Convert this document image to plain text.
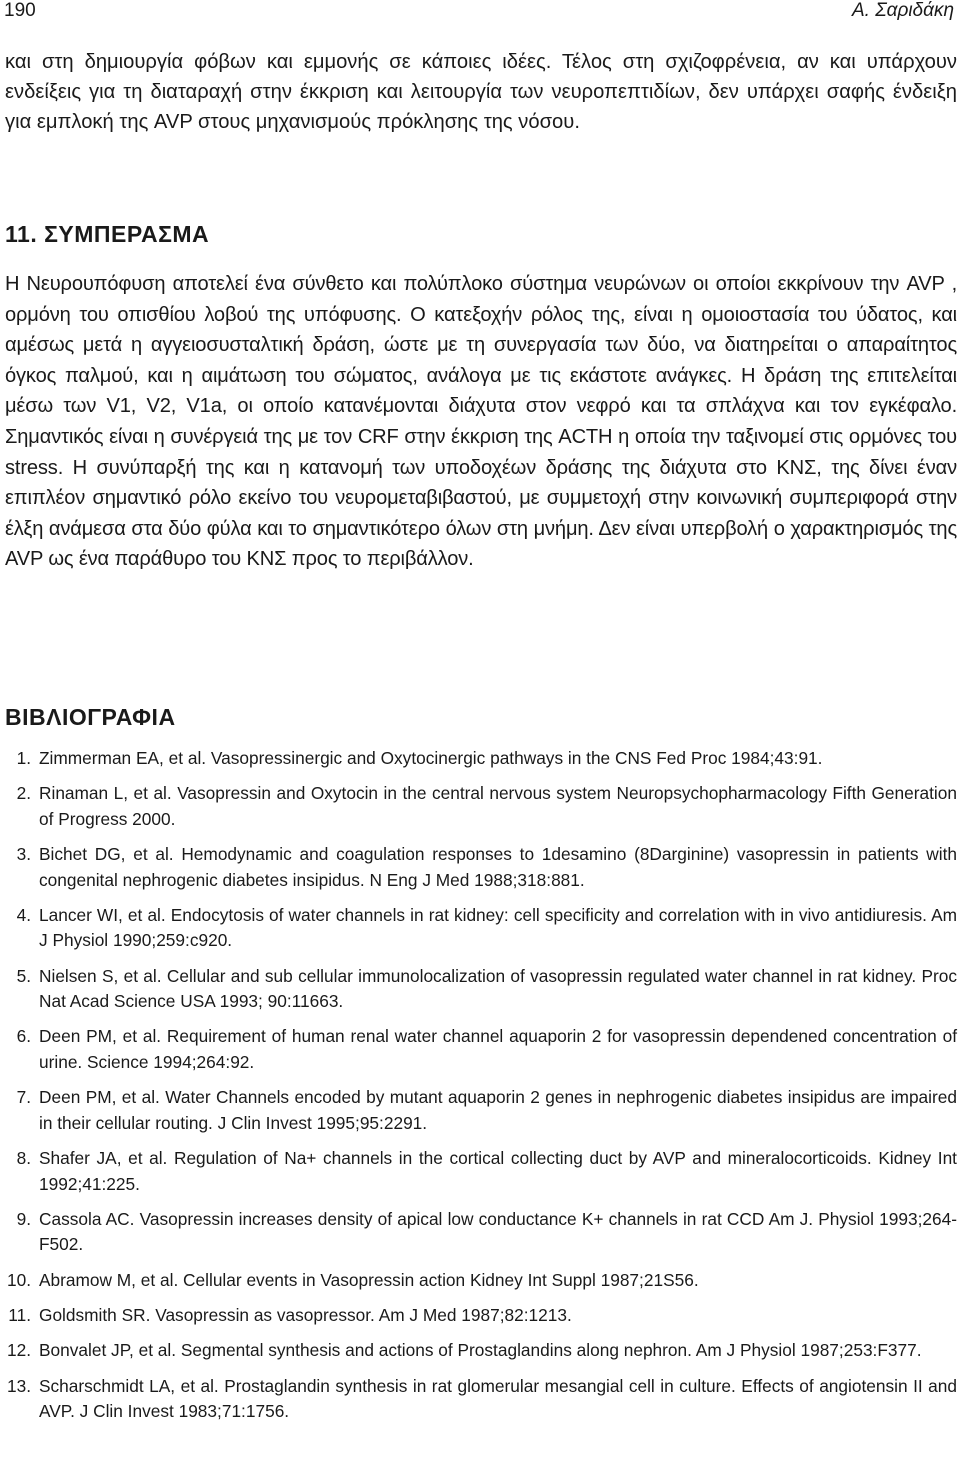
190	Α. Σαριδάκη

και στη δημιουργία φόβων και εμμονής σε κάποιες ιδέες. Τέλος στη σχιζοφρένεια, αν και υπάρχουν ενδείξεις για τη διαταραχή στην έκκριση και λειτουργία των νευροπεπτιδίων, δεν υπάρχει σαφής ένδειξη για εμπλοκή της AVP στους μηχανισμούς πρόκλησης της νόσου.

11. ΣΥΜΠΕΡΑΣΜΑ

Η Νευρουπόφυση αποτελεί ένα σύνθετο και πολύπλοκο σύστημα νευρώνων οι οποίοι εκκρίνουν την AVP , ορμόνη του οπισθίου λοβού της υπόφυσης. Ο κατεξοχήν ρόλος της, είναι η ομοιοστασία του ύδατος, και αμέσως μετά η αγγειοσυσταλτική δράση, ώστε με τη συνεργασία των δύο, να διατηρείται ο απαραίτητος όγκος παλμού, και η αιμάτωση του σώματος, ανάλογα με τις εκάστοτε ανάγκες. Η δράση της επιτελείται μέσω των V1, V2, V1a, οι οποίο κατανέμονται διάχυτα στον νεφρό και τα σπλάχνα και τον εγκέφαλο. Σημαντικός είναι η συνέργειά της με τον CRF στην έκκριση της ACTH η οποία την ταξινομεί στις ορμόνες του stress. Η συνύπαρξή της και η κατανομή των υποδοχέων δράσης της διάχυτα στο ΚΝΣ, της δίνει έναν επιπλέον σημαντικό ρόλο εκείνο του νευρομεταβιβαστού, με συμμετοχή στην κοινωνική συμπεριφορά στην έλξη ανάμεσα στα δύο φύλα και το σημαντικότερο όλων στη μνήμη. Δεν είναι υπερβολή ο χαρακτηρισμός της AVP ως ένα παράθυρο του ΚΝΣ προς το περιβάλλον.

ΒΙΒΛΙΟΓΡΑΦΙΑ
1. Zimmerman EA, et al. Vasopressinergic and Oxytocinergic pathways in the CNS Fed Proc 1984;43:91.
2. Rinaman L, et al. Vasopressin and Oxytocin in the central nervous system Neuropsychopharmacology Fifth Generation of Progress 2000.
3. Bichet DG, et al. Hemodynamic and coagulation responses to 1desamino (8Darginine) vasopressin in patients with congenital nephrogenic diabetes insipidus. N Eng J Med 1988;318:881.
4. Lancer WI, et al. Endocytosis of water channels in rat kidney: cell specificity and correlation with in vivo antidiuresis. Am J Physiol 1990;259:c920.
5. Nielsen S, et al. Cellular and sub cellular immunolocalization of vasopressin regulated water channel in rat kidney. Proc Nat Acad Science USA 1993; 90:11663.
6. Deen PM, et al. Requirement of human renal water channel aquaporin 2 for vasopressin dependened concentration of urine. Science 1994;264:92.
7. Deen PM, et al. Water Channels encoded by mutant aquaporin 2 genes in nephrogenic diabetes insipidus are impaired in their cellular routing. J Clin Invest 1995;95:2291.
8. Shafer JA, et al. Regulation of Na+ channels in the cortical collecting duct by AVP and mineralocorticoids. Kidney Int 1992;41:225.
9. Cassola AC. Vasopressin increases density of apical low conductance K+ channels in rat CCD Am J. Physiol 1993;264-F502.
10. Abramow M, et al. Cellular events in Vasopressin action Kidney Int Suppl 1987;21S56.
11. Goldsmith SR. Vasopressin as vasopressor. Am J Med 1987;82:1213.
12. Bonvalet JP, et al. Segmental synthesis and actions of Prostaglandins along nephron. Am J Physiol 1987;253:F377.
13. Scharschmidt LA, et al. Prostaglandin synthesis in rat glomerular mesangial cell in culture. Effects of angiotensin II and AVP. J Clin Invest 1983;71:1756.
